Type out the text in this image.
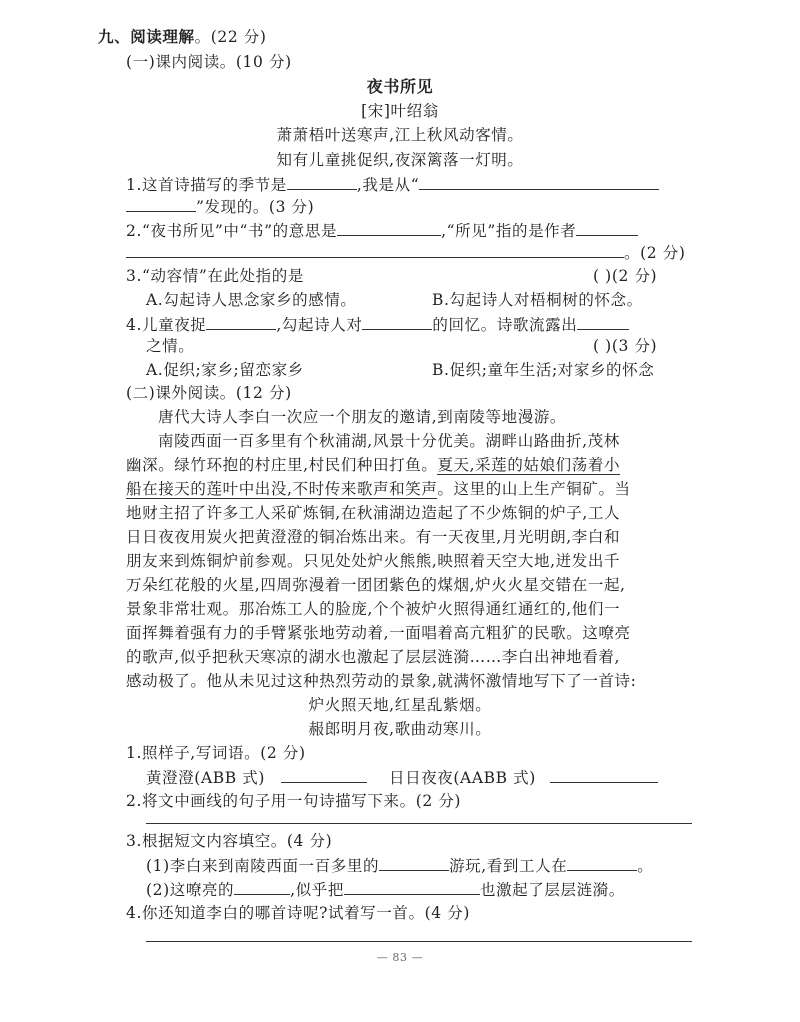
九、阅读理解。(22 分)
(一)课内阅读。(10 分)
夜书所见
[宋]叶绍翁
萧萧梧叶送寒声,江上秋风动客情。
知有儿童挑促织,夜深篱落一灯明。
1.这首诗描写的季节是	,我是从“
”发现的。(3 分)
2.“夜书所见”中“书”的意思是	,“所见”指的是作者
。(2 分)
3.“动容情”在此处指的是	( )(2 分)
A.勾起诗人思念家乡的感情。	B.勾起诗人对梧桐树的怀念。
4.儿童夜捉	,勾起诗人对	的回忆。诗歌流露出
之情。	( )(3 分)
A.促织;家乡;留恋家乡	B.促织;童年生活;对家乡的怀念
(二)课外阅读。(12 分)
唐代大诗人李白一次应一个朋友的邀请,到南陵等地漫游。
南陵西面一百多里有个秋浦湖,风景十分优美。湖畔山路曲折,茂林
幽深。绿竹环抱的村庄里,村民们种田打鱼。夏天,采莲的姑娘们荡着小
船在接天的莲叶中出没,不时传来歌声和笑声。这里的山上生产铜矿。当
地财主招了许多工人采矿炼铜,在秋浦湖边造起了不少炼铜的炉子,工人
日日夜夜用炭火把黄澄澄的铜冶炼出来。有一天夜里,月光明朗,李白和
朋友来到炼铜炉前参观。只见处处炉火熊熊,映照着天空大地,迸发出千
万朵红花般的火星,四周弥漫着一团团紫色的煤烟,炉火火星交错在一起,
景象非常壮观。那冶炼工人的脸庞,个个被炉火照得通红通红的,他们一
面挥舞着强有力的手臂紧张地劳动着,一面唱着高亢粗犷的民歌。这嘹亮
的歌声,似乎把秋天寒凉的湖水也激起了层层涟漪……李白出神地看着,
感动极了。他从未见过这种热烈劳动的景象,就满怀激情地写下了一首诗:
炉火照天地,红星乱紫烟。
赧郎明月夜,歌曲动寒川。
1.照样子,写词语。(2 分)
黄澄澄(ABB 式)	日日夜夜(AABB 式)
2.将文中画线的句子用一句诗描写下来。(2 分)
3.根据短文内容填空。(4 分)
(1)李白来到南陵西面一百多里的	游玩,看到工人在	。
(2)这嘹亮的	,似乎把	也激起了层层涟漪。
4.你还知道李白的哪首诗呢?试着写一首。(4 分)
— 83 —
